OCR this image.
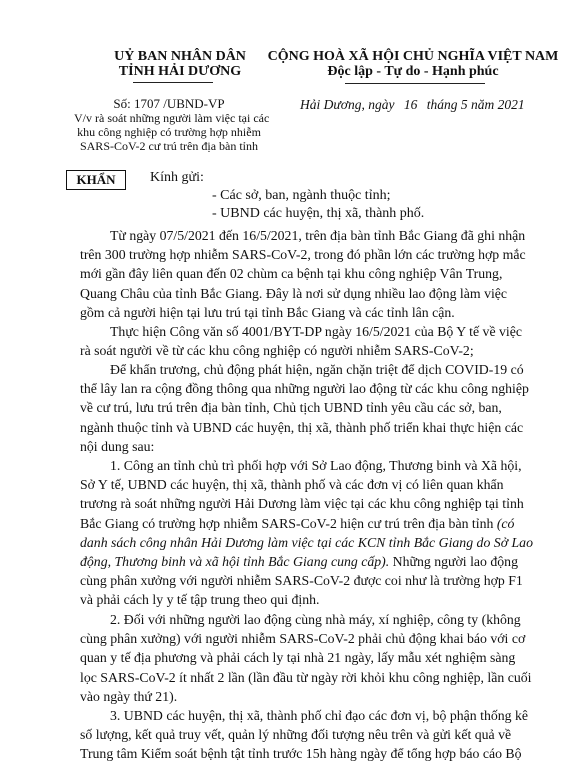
UỶ BAN NHÂN DÂN
TỈNH HẢI DƯƠNG
CỘNG HOÀ XÃ HỘI CHỦ NGHĨA VIỆT NAM
Độc lập - Tự do - Hạnh phúc
Số: 1707 /UBND-VP
V/v rà soát những người làm việc tại các
khu công nghiệp có trường hợp nhiễm
SARS-CoV-2 cư trú trên địa bàn tỉnh
Hải Dương, ngày 16 tháng 5 năm 2021
KHẨN	Kính gửi:
- Các sở, ban, ngành thuộc tỉnh;
- UBND các huyện, thị xã, thành phố.
Từ ngày 07/5/2021 đến 16/5/2021, trên địa bàn tỉnh Bắc Giang đã ghi nhận
trên 300 trường hợp nhiễm SARS-CoV-2, trong đó phần lớn các trường hợp mắc
mới gần đây liên quan đến 02 chùm ca bệnh tại khu công nghiệp Vân Trung,
Quang Châu của tỉnh Bắc Giang. Đây là nơi sử dụng nhiều lao động làm việc
gồm cả người hiện tại lưu trú tại tỉnh Bắc Giang và các tỉnh lân cận.
Thực hiện Công văn số 4001/BYT-DP ngày 16/5/2021 của Bộ Y tế về việc
rà soát người về từ các khu công nghiệp có người nhiễm SARS-CoV-2;
Để khẩn trương, chủ động phát hiện, ngăn chặn triệt để dịch COVID-19 có
thể lây lan ra cộng đồng thông qua những người lao động từ các khu công nghiệp
về cư trú, lưu trú trên địa bàn tỉnh, Chủ tịch UBND tỉnh yêu cầu các sở, ban,
ngành thuộc tỉnh và UBND các huyện, thị xã, thành phố triển khai thực hiện các
nội dung sau:
1. Công an tỉnh chủ trì phối hợp với Sở Lao động, Thương binh và Xã hội,
Sở Y tế, UBND các huyện, thị xã, thành phố và các đơn vị có liên quan khẩn
trương rà soát những người Hải Dương làm việc tại các khu công nghiệp tại tỉnh
Bắc Giang có trường hợp nhiễm SARS-CoV-2 hiện cư trú trên địa bàn tỉnh (có
danh sách công nhân Hải Dương làm việc tại các KCN tỉnh Bắc Giang do Sở Lao
động, Thương binh và xã hội tỉnh Bắc Giang cung cấp). Những người lao động
cùng phân xưởng với người nhiễm SARS-CoV-2 được coi như là trường hợp F1
và phải cách ly y tế tập trung theo qui định.
2. Đối với những người lao động cùng nhà máy, xí nghiệp, công ty (không
cùng phân xưởng) với người nhiễm SARS-CoV-2 phải chủ động khai báo với cơ
quan y tế địa phương và phải cách ly tại nhà 21 ngày, lấy mẫu xét nghiệm sàng
lọc SARS-CoV-2 ít nhất 2 lần (lần đầu từ ngày rời khỏi khu công nghiệp, lần cuối
vào ngày thứ 21).
3. UBND các huyện, thị xã, thành phố chỉ đạo các đơn vị, bộ phận thống kê
số lượng, kết quả truy vết, quản lý những đối tượng nêu trên và gửi kết quả về
Trung tâm Kiểm soát bệnh tật tỉnh trước 15h hàng ngày để tổng hợp báo cáo Bộ
